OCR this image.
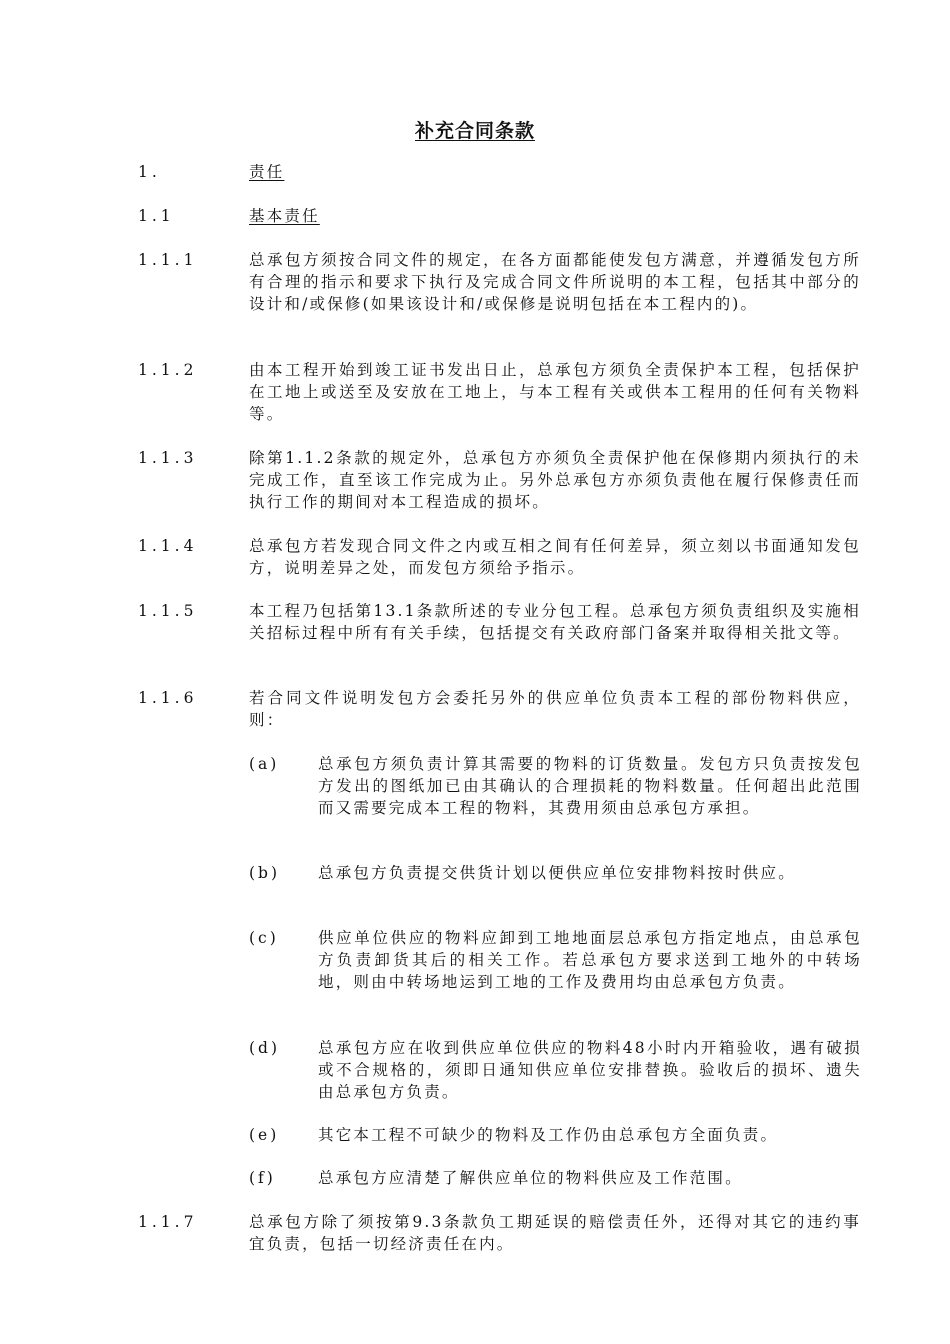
补充合同条款
1.	责任
1.1	基本责任
1.1.1	总承包方须按合同文件的规定，在各方面都能使发包方满意，并遵循发包方所有合理的指示和要求下执行及完成合同文件所说明的本工程，包括其中部分的设计和/或保修(如果该设计和/或保修是说明包括在本工程内的)。
1.1.2	由本工程开始到竣工证书发出日止，总承包方须负全责保护本工程，包括保护在工地上或送至及安放在工地上，与本工程有关或供本工程用的任何有关物料等。
1.1.3	除第1.1.2条款的规定外，总承包方亦须负全责保护他在保修期内须执行的未完成工作，直至该工作完成为止。另外总承包方亦须负责他在履行保修责任而执行工作的期间对本工程造成的损坏。
1.1.4	总承包方若发现合同文件之内或互相之间有任何差异，须立刻以书面通知发包方，说明差异之处，而发包方须给予指示。
1.1.5	本工程乃包括第13.1条款所述的专业分包工程。总承包方须负责组织及实施相关招标过程中所有有关手续，包括提交有关政府部门备案并取得相关批文等。
1.1.6	若合同文件说明发包方会委托另外的供应单位负责本工程的部份物料供应，则：
(a) 总承包方须负责计算其需要的物料的订货数量。发包方只负责按发包方发出的图纸加已由其确认的合理损耗的物料数量。任何超出此范围而又需要完成本工程的物料，其费用须由总承包方承担。
(b) 总承包方负责提交供货计划以便供应单位安排物料按时供应。
(c)	供应单位供应的物料应卸到工地地面层总承包方指定地点，由总承包方负责卸货其后的相关工作。若总承包方要求送到工地外的中转场地，则由中转场地运到工地的工作及费用均由总承包方负责。
(d) 总承包方应在收到供应单位供应的物料48小时内开箱验收，遇有破损或不合规格的，须即日通知供应单位安排替换。验收后的损坏、遗失由总承包方负责。
(e) 其它本工程不可缺少的物料及工作仍由总承包方全面负责。
(f)	总承包方应清楚了解供应单位的物料供应及工作范围。
1.1.7	总承包方除了须按第9.3条款负工期延误的赔偿责任外，还得对其它的违约事宜负责，包括一切经济责任在内。
